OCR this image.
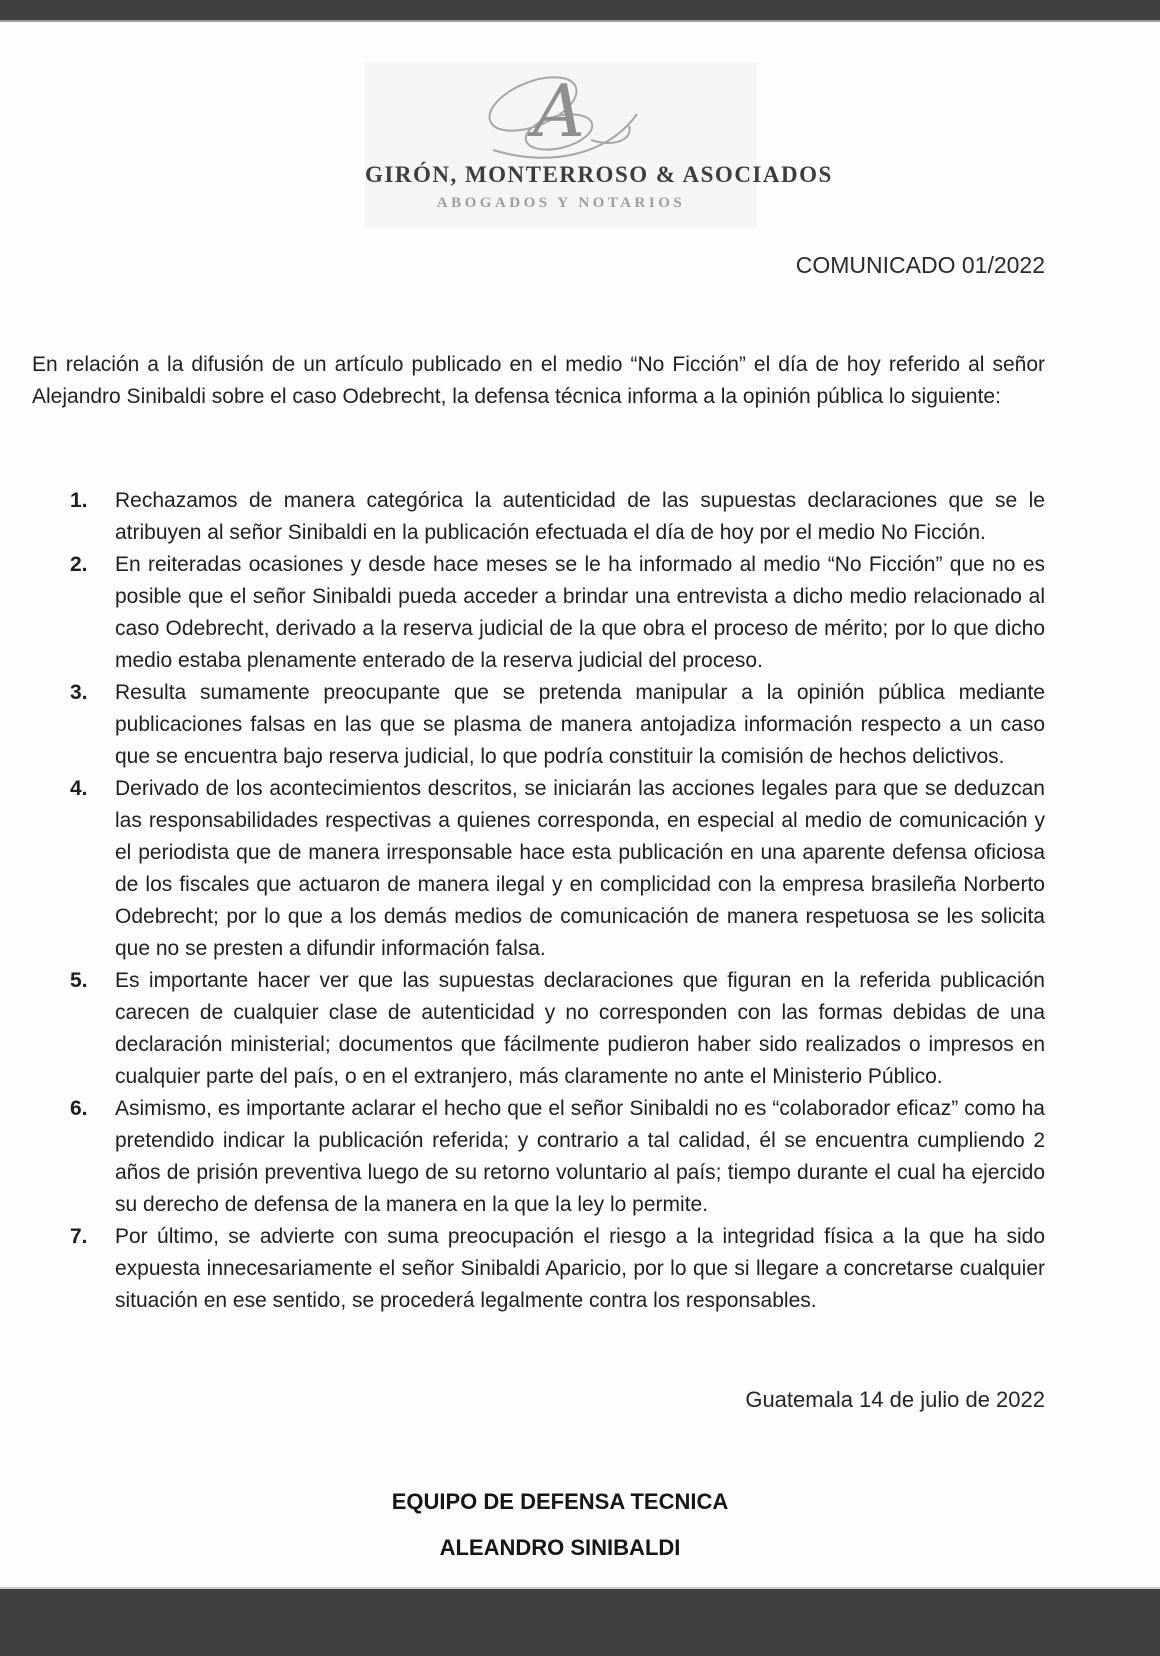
A
GIRÓN, MONTERROSO & ASOCIADOS
ABOGADOS Y NOTARIOS
COMUNICADO 01/2022

En relación a la difusión de un artículo publicado en el medio “No Ficción” el día de hoy referido al señor Alejandro Sinibaldi sobre el caso Odebrecht, la defensa técnica informa a la opinión pública lo siguiente:

1.	Rechazamos de manera categórica la autenticidad de las supuestas declaraciones que se le atribuyen al señor Sinibaldi en la publicación efectuada el día de hoy por el medio No Ficción.
2.	En reiteradas ocasiones y desde hace meses se le ha informado al medio “No Ficción” que no es posible que el señor Sinibaldi pueda acceder a brindar una entrevista a dicho medio relacionado al caso Odebrecht, derivado a la reserva judicial de la que obra el proceso de mérito; por lo que dicho medio estaba plenamente enterado de la reserva judicial del proceso.
3.	Resulta sumamente preocupante que se pretenda manipular a la opinión pública mediante publicaciones falsas en las que se plasma de manera antojadiza información respecto a un caso que se encuentra bajo reserva judicial, lo que podría constituir la comisión de hechos delictivos.
4.	Derivado de los acontecimientos descritos, se iniciarán las acciones legales para que se deduzcan las responsabilidades respectivas a quienes corresponda, en especial al medio de comunicación y el periodista que de manera irresponsable hace esta publicación en una aparente defensa oficiosa de los fiscales que actuaron de manera ilegal y en complicidad con la empresa brasileña Norberto Odebrecht; por lo que a los demás medios de comunicación de manera respetuosa se les solicita que no se presten a difundir información falsa.
5.	Es importante hacer ver que las supuestas declaraciones que figuran en la referida publicación carecen de cualquier clase de autenticidad y no corresponden con las formas debidas de una declaración ministerial; documentos que fácilmente pudieron haber sido realizados o impresos en cualquier parte del país, o en el extranjero, más claramente no ante el Ministerio Público.
6.	Asimismo, es importante aclarar el hecho que el señor Sinibaldi no es “colaborador eficaz” como ha pretendido indicar la publicación referida; y contrario a tal calidad, él se encuentra cumpliendo 2 años de prisión preventiva luego de su retorno voluntario al país; tiempo durante el cual ha ejercido su derecho de defensa de la manera en la que la ley lo permite.
7.	Por último, se advierte con suma preocupación el riesgo a la integridad física a la que ha sido expuesta innecesariamente el señor Sinibaldi Aparicio, por lo que si llegare a concretarse cualquier situación en ese sentido, se procederá legalmente contra los responsables.
Guatemala 14 de julio de 2022
EQUIPO DE DEFENSA TECNICA
ALEANDRO SINIBALDI
